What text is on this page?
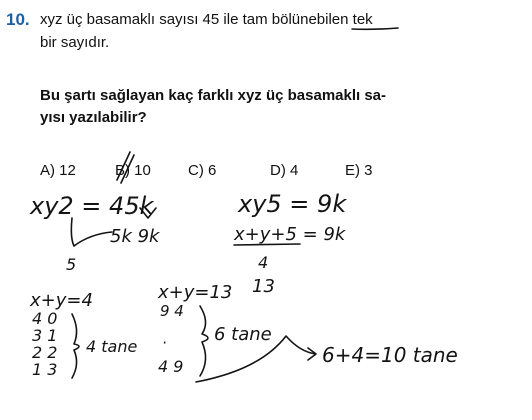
10. xyz üç basamaklı sayısı 45 ile tam bölünebilen tek
bir sayıdır.
Bu şartı sağlayan kaç farklı xyz üç basamaklı sa-
yısı yazılabilir?
A) 12	B) 10 C) 6	D) 4	E) 3
xy2 = 45k
5k 9k
5
xy5 = 9k
x+y+5 = 9k
4
13
x+y=4
4 0
3 1
2 2
1 3
4 tane
x+y=13
9 4
·
4 9
6 tane
6+4=10 tane
